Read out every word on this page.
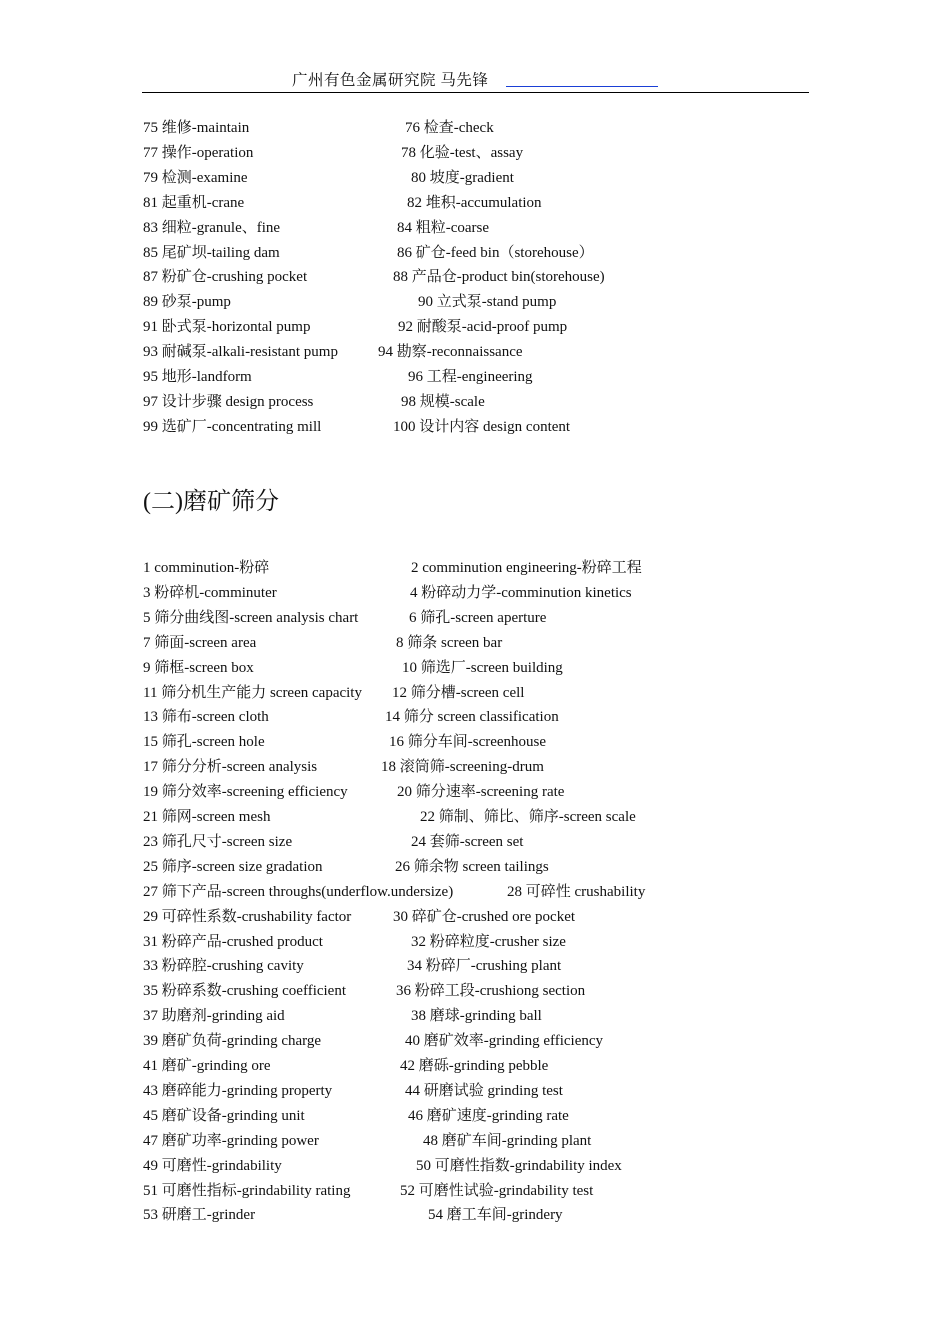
广州有色金属研究院 马先锋
75 维修-maintain	76 检查-check
77 操作-operation	78 化验-test、assay
79 检测-examine	80 坡度-gradient
81 起重机-crane	82 堆积-accumulation
83 细粒-granule、fine	84 粗粒-coarse
85 尾矿坝-tailing dam	86 矿仓-feed bin（storehouse）
87 粉矿仓-crushing pocket	88 产品仓-product bin(storehouse)
89 砂泵-pump	90 立式泵-stand pump
91 卧式泵-horizontal pump	92 耐酸泵-acid-proof pump
93 耐碱泵-alkali-resistant pump	94 勘察-reconnaissance
95 地形-landform	96 工程-engineering
97 设计步骤 design process	98 规模-scale
99 选矿厂-concentrating mill	100 设计内容 design content
(二)磨矿筛分
1 comminution-粉碎	2 comminution engineering-粉碎工程
3 粉碎机-comminuter	4 粉碎动力学-comminution kinetics
5 筛分曲线图-screen analysis chart	6 筛孔-screen aperture
7 筛面-screen area	8 筛条 screen bar
9 筛框-screen box	10 筛选厂-screen building
11 筛分机生产能力 screen capacity 12 筛分槽-screen cell
13 筛布-screen cloth	14 筛分 screen classification
15 筛孔-screen hole	16 筛分车间-screenhouse
17 筛分分析-screen analysis	18 滚筒筛-screening-drum
19 筛分效率-screening efficiency	20 筛分速率-screening rate
21 筛网-screen mesh	22 筛制、筛比、筛序-screen scale
23 筛孔尺寸-screen size	24 套筛-screen set
25 筛序-screen size gradation	26 筛余物 screen tailings
27 筛下产品-screen throughs(underflow.undersize)	28 可碎性 crushability
29 可碎性系数-crushability factor	30 碎矿仓-crushed ore pocket
31 粉碎产品-crushed product	32 粉碎粒度-crusher size
33 粉碎腔-crushing cavity	34 粉碎厂-crushing plant
35 粉碎系数-crushing coefficient	36 粉碎工段-crushiong section
37 助磨剂-grinding aid	38 磨球-grinding ball
39 磨矿负荷-grinding charge	40 磨矿效率-grinding efficiency
41 磨矿-grinding ore	42 磨砾-grinding pebble
43 磨碎能力-grinding property	44 研磨试验 grinding test
45 磨矿设备-grinding unit	46 磨矿速度-grinding rate
47 磨矿功率-grinding power	48 磨矿车间-grinding plant
49 可磨性-grindability	50 可磨性指数-grindability index
51 可磨性指标-grindability rating	52 可磨性试验-grindability test
53 研磨工-grinder	54 磨工车间-grindery
